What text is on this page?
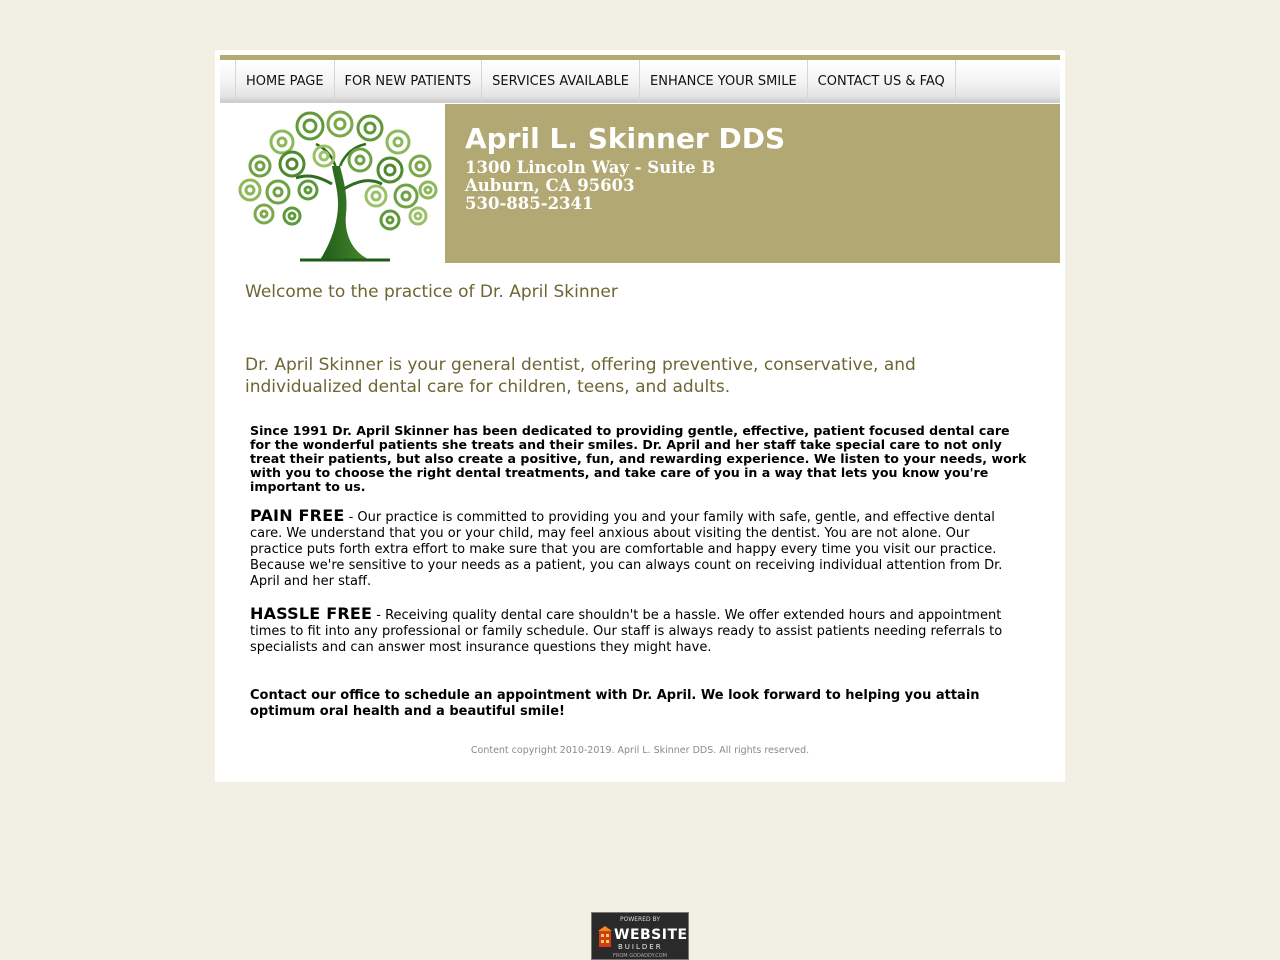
HOME PAGE	FOR NEW PATIENTS	SERVICES AVAILABLE	ENHANCE YOUR SMILE	CONTACT US & FAQ
April L. Skinner DDS
1300 Lincoln Way - Suite B
Auburn, CA 95603
530-885-2341
Welcome to the practice of Dr. April Skinner
Dr. April Skinner is your general dentist, offering preventive, conservative, and individualized dental care for children, teens, and adults.
Since 1991 Dr. April Skinner has been dedicated to providing gentle, effective, patient focused dental care for the wonderful patients she treats and their smiles. Dr. April and her staff take special care to not only treat their patients, but also create a positive, fun, and rewarding experience. We listen to your needs, work with you to choose the right dental treatments, and take care of you in a way that lets you know you're important to us.
PAIN FREE - Our practice is committed to providing you and your family with safe, gentle, and effective dental care. We understand that you or your child, may feel anxious about visiting the dentist. You are not alone. Our practice puts forth extra effort to make sure that you are comfortable and happy every time you visit our practice. Because we're sensitive to your needs as a patient, you can always count on receiving individual attention from Dr. April and her staff.
HASSLE FREE - Receiving quality dental care shouldn't be a hassle. We offer extended hours and appointment times to fit into any professional or family schedule. Our staff is always ready to assist patients needing referrals to specialists and can answer most insurance questions they might have.
Contact our office to schedule an appointment with Dr. April. We look forward to helping you attain optimum oral health and a beautiful smile!
Content copyright 2010-2019. April L. Skinner DDS. All rights reserved.
POWERED BY
WEBSITE
BUILDER
FROM GODADDY.COM
